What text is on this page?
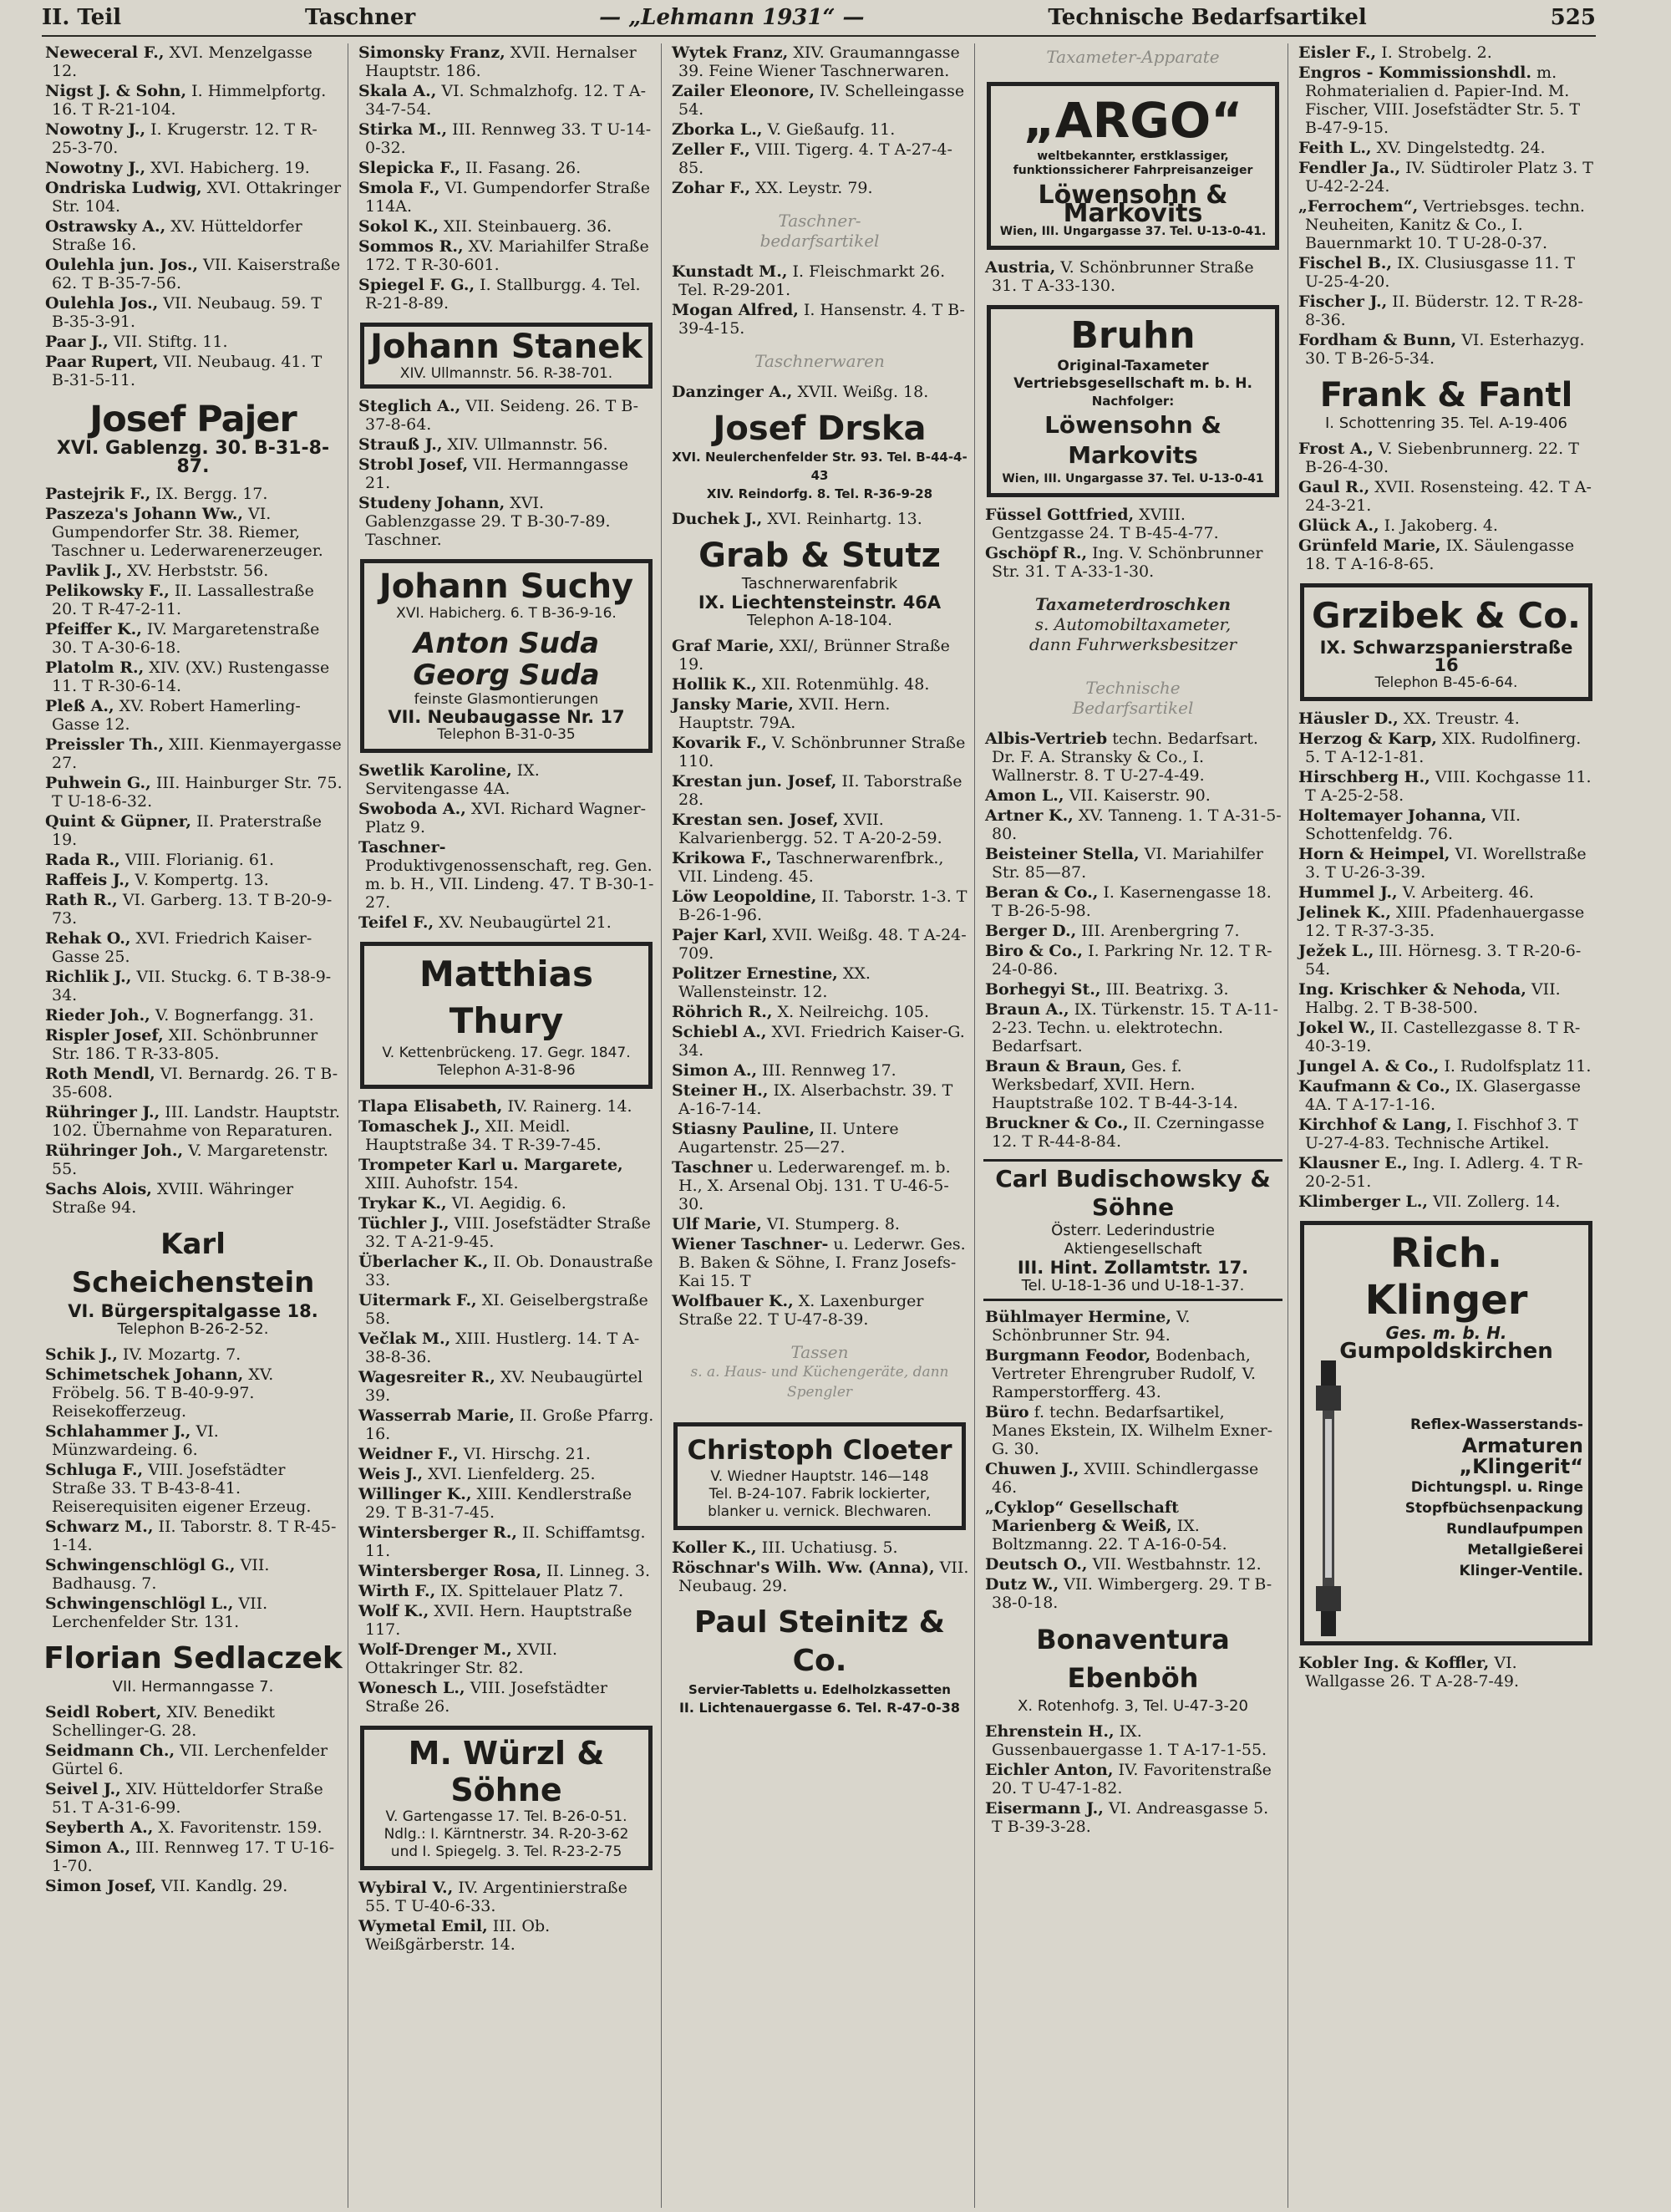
II. Teil	Taschner	— „Lehmann 1931“ —	Technische Bedarfsartikel	525
Neweceral F., XVI. Menzelgasse 12.
Nigst J. & Sohn, I. Himmelpfortg. 16. T R-21-104.
Nowotny J., I. Krugerstr. 12. T R-25-3-70.
Nowotny J., XVI. Habicherg. 19.
Ondriska Ludwig, XVI. Ottakringer Str. 104.
Ostrawsky A., XV. Hütteldorfer Straße 16.
Oulehla jun. Jos., VII. Kaiserstraße 62. T B-35-7-56.
Oulehla Jos., VII. Neubaug. 59. T B-35-3-91.
Paar J., VII. Stiftg. 11.
Paar Rupert, VII. Neubaug. 41. T B-31-5-11.
Josef Pajer
XVI. Gablenzg. 30. B-31-8-87.
Pastejrik F., IX. Bergg. 17.
Paszeza's Johann Ww., VI. Gumpendorfer Str. 38. Riemer, Taschner u. Lederwarenerzeuger.
Pavlik J., XV. Herbststr. 56.
Pelikowsky F., II. Lassallestraße 20. T R-47-2-11.
Pfeiffer K., IV. Margaretenstraße 30. T A-30-6-18.
Platolm R., XIV. (XV.) Rustengasse 11. T R-30-6-14.
Pleß A., XV. Robert Hamerling-Gasse 12.
Preissler Th., XIII. Kienmayergasse 27.
Puhwein G., III. Hainburger Str. 75. T U-18-6-32.
Quint & Güpner, II. Praterstraße 19.
Rada R., VIII. Florianig. 61.
Raffeis J., V. Kompertg. 13.
Rath R., VI. Garberg. 13. T B-20-9-73.
Rehak O., XVI. Friedrich Kaiser-Gasse 25.
Richlik J., VII. Stuckg. 6. T B-38-9-34.
Rieder Joh., V. Bognerfangg. 31.
Rispler Josef, XII. Schönbrunner Str. 186. T R-33-805.
Roth Mendl, VI. Bernardg. 26. T B-35-608.
Rühringer J., III. Landstr. Hauptstr. 102. Übernahme von Reparaturen.
Rühringer Joh., V. Margaretenstr. 55.
Sachs Alois, XVIII. Währinger Straße 94.
Karl Scheichenstein
VI. Bürgerspitalgasse 18.
Telephon B-26-2-52.
Schik J., IV. Mozartg. 7.
Schimetschek Johann, XV. Fröbelg. 56. T B-40-9-97. Reisekofferzeug.
Schlahammer J., VI. Münzwardeing. 6.
Schluga F., VIII. Josefstädter Straße 33. T B-43-8-41. Reiserequisiten eigener Erzeug.
Schwarz M., II. Taborstr. 8. T R-45-1-14.
Schwingenschlögl G., VII. Badhausg. 7.
Schwingenschlögl L., VII. Lerchenfelder Str. 131.
Florian Sedlaczek
VII. Hermanngasse 7.
Seidl Robert, XIV. Benedikt Schellinger-G. 28.
Seidmann Ch., VII. Lerchenfelder Gürtel 6.
Seivel J., XIV. Hütteldorfer Straße 51. T A-31-6-99.
Seyberth A., X. Favoritenstr. 159.
Simon A., III. Rennweg 17. T U-16-1-70.
Simon Josef, VII. Kandlg. 29.
Simonsky Franz, XVII. Hernalser Hauptstr. 186.
Skala A., VI. Schmalzhofg. 12. T A-34-7-54.
Stirka M., III. Rennweg 33. T U-14-0-32.
Slepicka F., II. Fasang. 26.
Smola F., VI. Gumpendorfer Straße 114A.
Sokol K., XII. Steinbauerg. 36.
Sommos R., XV. Mariahilfer Straße 172. T R-30-601.
Spiegel F. G., I. Stallburgg. 4. Tel. R-21-8-89.
Johann Stanek
XIV. Ullmannstr. 56. R-38-701.
Steglich A., VII. Seideng. 26. T B-37-8-64.
Strauß J., XIV. Ullmannstr. 56.
Strobl Josef, VII. Hermanngasse 21.
Studeny Johann, XVI. Gablenzgasse 29. T B-30-7-89. Taschner.
Johann Suchy
XVI. Habicherg. 6. T B-36-9-16.
Anton Suda
Georg Suda
feinste Glasmontierungen
VII. Neubaugasse Nr. 17
Telephon B-31-0-35
Swetlik Karoline, IX. Servitengasse 4A.
Swoboda A., XVI. Richard Wagner-Platz 9.
Taschner- Produktivgenossenschaft, reg. Gen. m. b. H., VII. Lindeng. 47. T B-30-1-27.
Teifel F., XV. Neubaugürtel 21.
Matthias Thury
V. Kettenbrückeng. 17. Gegr. 1847.
Telephon A-31-8-96
Tlapa Elisabeth, IV. Rainerg. 14.
Tomaschek J., XII. Meidl. Hauptstraße 34. T R-39-7-45.
Trompeter Karl u. Margarete, XIII. Auhofstr. 154.
Trykar K., VI. Aegidig. 6.
Tüchler J., VIII. Josefstädter Straße 32. T A-21-9-45.
Überlacher K., II. Ob. Donaustraße 33.
Uitermark F., XI. Geiselbergstraße 58.
Večlak M., XIII. Hustlerg. 14. T A-38-8-36.
Wagesreiter R., XV. Neubaugürtel 39.
Wasserrab Marie, II. Große Pfarrg. 16.
Weidner F., VI. Hirschg. 21.
Weis J., XVI. Lienfelderg. 25.
Willinger K., XIII. Kendlerstraße 29. T B-31-7-45.
Wintersberger R., II. Schiffamtsg. 11.
Wintersberger Rosa, II. Linneg. 3.
Wirth F., IX. Spittelauer Platz 7.
Wolf K., XVII. Hern. Hauptstraße 117.
Wolf-Drenger M., XVII. Ottakringer Str. 82.
Wonesch L., VIII. Josefstädter Straße 26.
M. Würzl & Söhne
V. Gartengasse 17. Tel. B-26-0-51.
Ndlg.: I. Kärntnerstr. 34. R-20-3-62
und I. Spiegelg. 3. Tel. R-23-2-75
Wybiral V., IV. Argentinierstraße 55. T U-40-6-33.
Wymetal Emil, III. Ob. Weißgärberstr. 14.
Wytek Franz, XIV. Graumanngasse 39. Feine Wiener Taschnerwaren.
Zailer Eleonore, IV. Schelleingasse 54.
Zborka L., V. Gießaufg. 11.
Zeller F., VIII. Tigerg. 4. T A-27-4-85.
Zohar F., XX. Leystr. 79.
Taschner-
bedarfsartikel
Kunstadt M., I. Fleischmarkt 26. Tel. R-29-201.
Mogan Alfred, I. Hansenstr. 4. T B-39-4-15.
Taschnerwaren
Danzinger A., XVII. Weißg. 18.
Josef Drska
XVI. Neulerchenfelder Str. 93. Tel. B-44-4-43
XIV. Reindorfg. 8. Tel. R-36-9-28
Duchek J., XVI. Reinhartg. 13.
Grab & Stutz
Taschnerwarenfabrik
IX. Liechtensteinstr. 46A
Telephon A-18-104.
Graf Marie, XXI/, Brünner Straße 19.
Hollik K., XII. Rotenmühlg. 48.
Jansky Marie, XVII. Hern. Hauptstr. 79A.
Kovarik F., V. Schönbrunner Straße 110.
Krestan jun. Josef, II. Taborstraße 28.
Krestan sen. Josef, XVII. Kalvarienbergg. 52. T A-20-2-59.
Krikowa F., Taschnerwarenfbrk., VII. Lindeng. 45.
Löw Leopoldine, II. Taborstr. 1-3. T B-26-1-96.
Pajer Karl, XVII. Weißg. 48. T A-24-709.
Politzer Ernestine, XX. Wallensteinstr. 12.
Röhrich R., X. Neilreichg. 105.
Schiebl A., XVI. Friedrich Kaiser-G. 34.
Simon A., III. Rennweg 17.
Steiner H., IX. Alserbachstr. 39. T A-16-7-14.
Stiasny Pauline, II. Untere Augartenstr. 25—27.
Taschner u. Lederwarengef. m. b. H., X. Arsenal Obj. 131. T U-46-5-30.
Ulf Marie, VI. Stumperg. 8.
Wiener Taschner- u. Lederwr. Ges. B. Baken & Söhne, I. Franz Josefs-Kai 15. T
Wolfbauer K., X. Laxenburger Straße 22. T U-47-8-39.
Tassen
s. a. Haus- und Küchengeräte, dann Spengler
Christoph Cloeter
V. Wiedner Hauptstr. 146—148
Tel. B-24-107. Fabrik lockierter,
blanker u. vernick. Blechwaren.
Koller K., III. Uchatiusg. 5.
Röschnar's Wilh. Ww. (Anna), VII. Neubaug. 29.
Paul Steinitz & Co.
Servier-Tabletts u. Edelholzkassetten
II. Lichtenauergasse 6. Tel. R-47-0-38
Taxameter-Apparate
„ARGO“
weltbekannter, erstklassiger,
funktionssicherer Fahrpreisanzeiger
Löwensohn & Markovits
Wien, III. Ungargasse 37. Tel. U-13-0-41.
Austria, V. Schönbrunner Straße 31. T A-33-130.
Bruhn
Original-Taxameter
Vertriebsgesellschaft m. b. H.
Nachfolger:
Löwensohn & Markovits
Wien, III. Ungargasse 37. Tel. U-13-0-41
Füssel Gottfried, XVIII. Gentzgasse 24. T B-45-4-77.
Gschöpf R., Ing. V. Schönbrunner Str. 31. T A-33-1-30.
Taxameterdroschken
s. Automobiltaxameter,
dann Fuhrwerksbesitzer
Technische
Bedarfsartikel
Albis-Vertrieb techn. Bedarfsart. Dr. F. A. Stransky & Co., I. Wallnerstr. 8. T U-27-4-49.
Amon L., VII. Kaiserstr. 90.
Artner K., XV. Tanneng. 1. T A-31-5-80.
Beisteiner Stella, VI. Mariahilfer Str. 85—87.
Beran & Co., I. Kasernengasse 18. T B-26-5-98.
Berger D., III. Arenbergring 7.
Biro & Co., I. Parkring Nr. 12. T R-24-0-86.
Borhegyi St., III. Beatrixg. 3.
Braun A., IX. Türkenstr. 15. T A-11-2-23. Techn. u. elektrotechn. Bedarfsart.
Braun & Braun, Ges. f. Werksbedarf, XVII. Hern. Hauptstraße 102. T B-44-3-14.
Bruckner & Co., II. Czerningasse 12. T R-44-8-84.
Carl Budischowsky & Söhne
Österr. Lederindustrie
Aktiengesellschaft
III. Hint. Zollamtstr. 17.
Tel. U-18-1-36 und U-18-1-37.
Bühlmayer Hermine, V. Schönbrunner Str. 94.
Burgmann Feodor, Bodenbach, Vertreter Ehrengruber Rudolf, V. Ramperstorfferg. 43.
Büro f. techn. Bedarfsartikel, Manes Ekstein, IX. Wilhelm Exner-G. 30.
Chuwen J., XVIII. Schindlergasse 46.
„Cyklop“ Gesellschaft Marienberg & Weiß, IX. Boltzmanng. 22. T A-16-0-54.
Deutsch O., VII. Westbahnstr. 12.
Dutz W., VII. Wimbergerg. 29. T B-38-0-18.
Bonaventura Ebenböh
X. Rotenhofg. 3, Tel. U-47-3-20
Ehrenstein H., IX. Gussenbauergasse 1. T A-17-1-55.
Eichler Anton, IV. Favoritenstraße 20. T U-47-1-82.
Eisermann J., VI. Andreasgasse 5. T B-39-3-28.
Eisler F., I. Strobelg. 2.
Engros - Kommissionshdl. m. Rohmaterialien d. Papier-Ind. M. Fischer, VIII. Josefstädter Str. 5. T B-47-9-15.
Feith L., XV. Dingelstedtg. 24.
Fendler Ja., IV. Südtiroler Platz 3. T U-42-2-24.
„Ferrochem“, Vertriebsges. techn. Neuheiten, Kanitz & Co., I. Bauernmarkt 10. T U-28-0-37.
Fischel B., IX. Clusiusgasse 11. T U-25-4-20.
Fischer J., II. Büderstr. 12. T R-28-8-36.
Fordham & Bunn, VI. Esterhazyg. 30. T B-26-5-34.
Frank & Fantl
I. Schottenring 35. Tel. A-19-406
Frost A., V. Siebenbrunnerg. 22. T B-26-4-30.
Gaul R., XVII. Rosensteing. 42. T A-24-3-21.
Glück A., I. Jakoberg. 4.
Grünfeld Marie, IX. Säulengasse 18. T A-16-8-65.
Grzibek & Co.
IX. Schwarzspanierstraße 16
Telephon B-45-6-64.
Häusler D., XX. Treustr. 4.
Herzog & Karp, XIX. Rudolfinerg. 5. T A-12-1-81.
Hirschberg H., VIII. Kochgasse 11. T A-25-2-58.
Holtemayer Johanna, VII. Schottenfeldg. 76.
Horn & Heimpel, VI. Worellstraße 3. T U-26-3-39.
Hummel J., V. Arbeiterg. 46.
Jelinek K., XIII. Pfadenhauergasse 12. T R-37-3-35.
Ježek L., III. Hörnesg. 3. T R-20-6-54.
Ing. Krischker & Nehoda, VII. Halbg. 2. T B-38-500.
Jokel W., II. Castellezgasse 8. T R-40-3-19.
Jungel A. & Co., I. Rudolfsplatz 11.
Kaufmann & Co., IX. Glasergasse 4A. T A-17-1-16.
Kirchhof & Lang, I. Fischhof 3. T U-27-4-83. Technische Artikel.
Klausner E., Ing. I. Adlerg. 4. T R-20-2-51.
Klimberger L., VII. Zollerg. 14.
Rich. Klinger
Ges. m. b. H.
Gumpoldskirchen
Reflex-Wasserstands-
Armaturen
„Klingerit“
Dichtungspl. u. Ringe
Stopfbüchsenpackung
Rundlaufpumpen
Metallgießerei
Klinger-Ventile.
Kobler Ing. & Koffler, VI. Wallgasse 26. T A-28-7-49.
